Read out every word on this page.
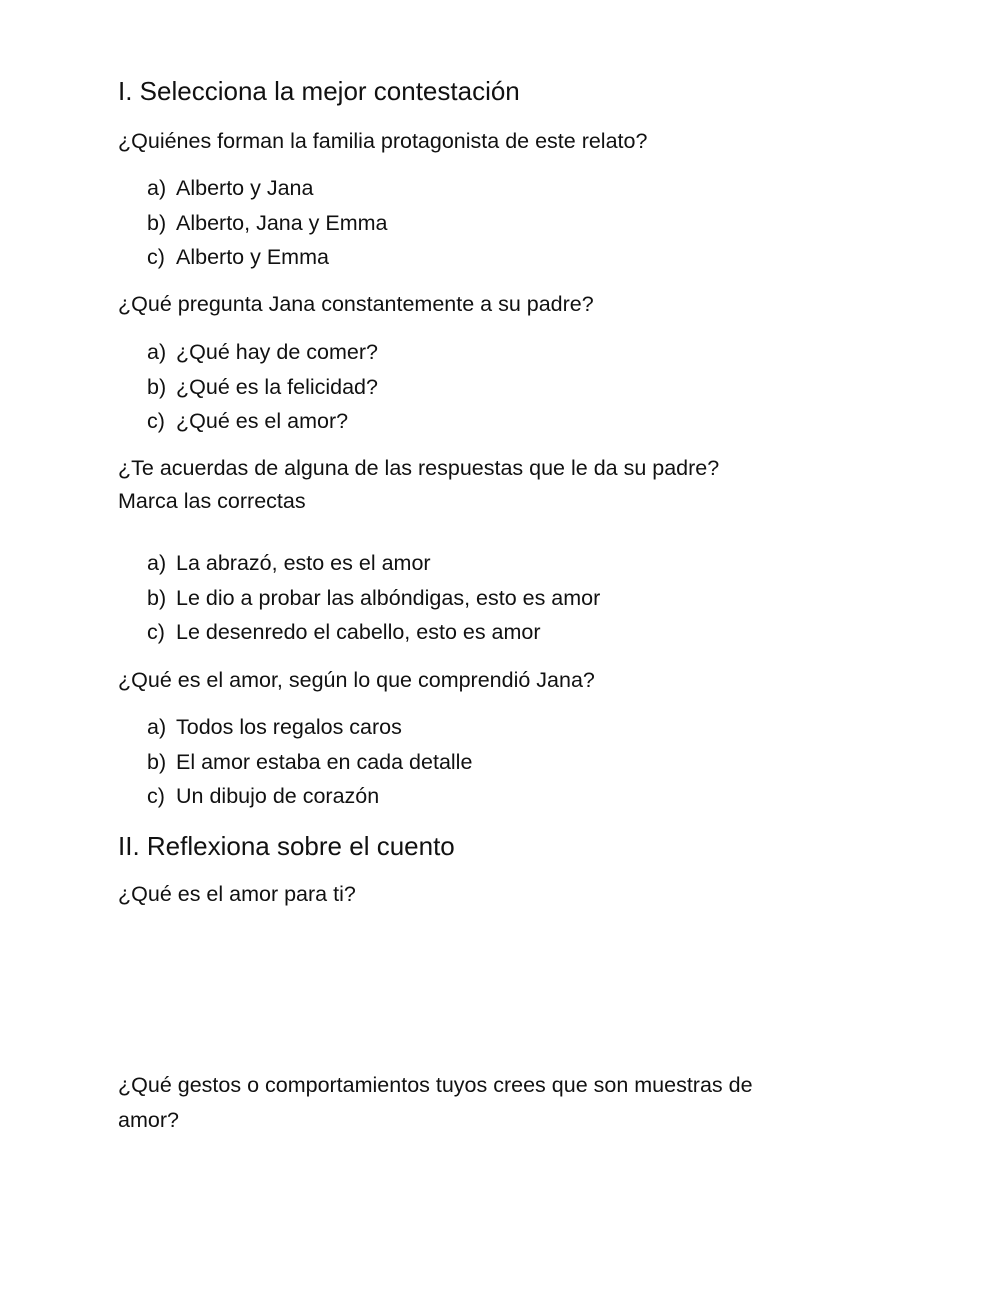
I. Selecciona la mejor contestación

¿Quiénes forman la familia protagonista de este relato?

a) Alberto y Jana
b) Alberto, Jana y Emma
c) Alberto y Emma

¿Qué pregunta Jana constantemente a su padre?

a) ¿Qué hay de comer?
b) ¿Qué es la felicidad?
c) ¿Qué es el amor?

¿Te acuerdas de alguna de las respuestas que le da su padre?

Marca las correctas

a) La abrazó, esto es el amor
b) Le dio a probar las albóndigas, esto es amor
c) Le desenredo el cabello, esto es amor

¿Qué es el amor, según lo que comprendió Jana?

a) Todos los regalos caros
b) El amor estaba en cada detalle
c) Un dibujo de corazón
II. Reflexiona sobre el cuento

¿Qué es el amor para ti?

¿Qué gestos o comportamientos tuyos crees que son muestras de

amor?
